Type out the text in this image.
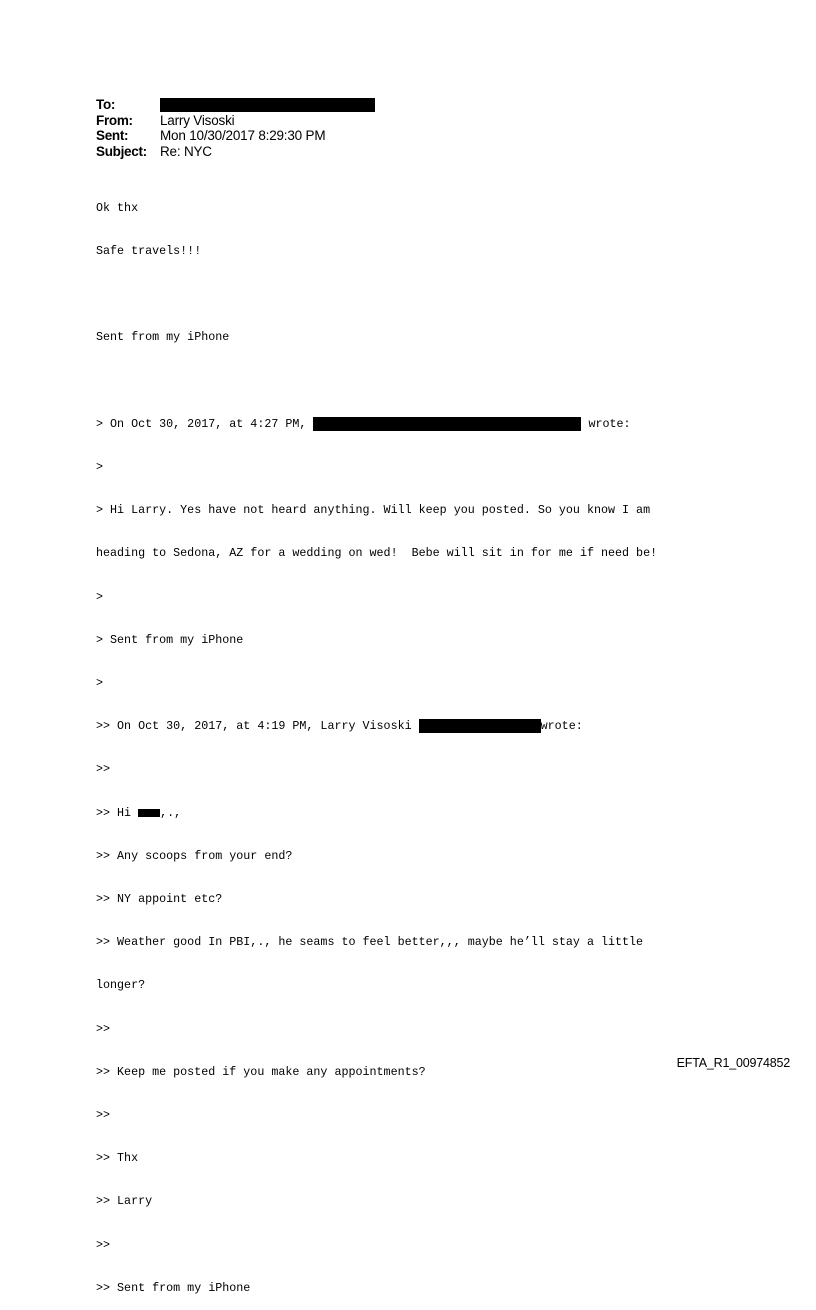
To:
From:	Larry Visoski
Sent:	Mon 10/30/2017 8:29:30 PM
Subject: Re: NYC

Ok thx

Safe travels!!!

Sent from my iPhone

> On Oct 30, 2017, at 4:27 PM,	wrote:

>

> Hi Larry. Yes have not heard anything. Will keep you posted. So you know I am

heading to Sedona, AZ for a wedding on wed!  Bebe will sit in for me if need be!

>

> Sent from my iPhone

>

>> On Oct 30, 2017, at 4:19 PM, Larry Visoski	wrote:

>>

>> Hi ,.,

>> Any scoops from your end?

>> NY appoint etc?

>> Weather good In PBI,., he seams to feel better,,, maybe he’ll stay a little

longer?

>>

>> Keep me posted if you make any appointments?

>>

>> Thx

>> Larry

>>

>> Sent from my iPhone

EFTA_R1_00974852
